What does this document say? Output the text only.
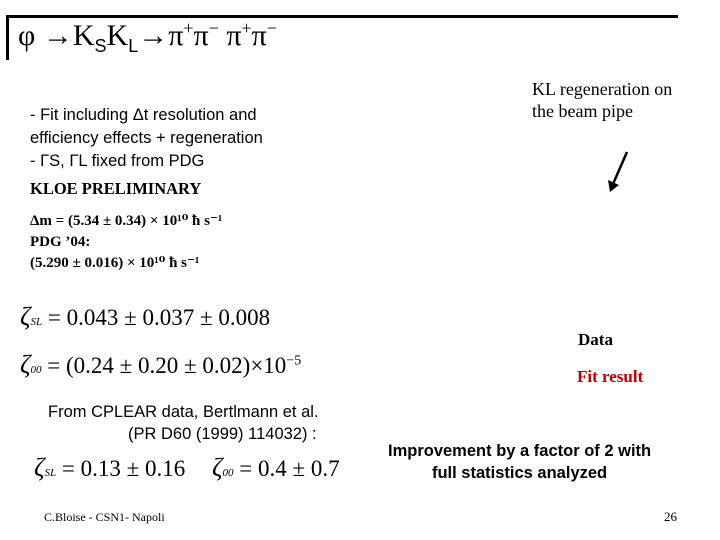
$\varphi \to K_SK_L\to\pi^+\pi^-$ π+π−
- Fit including Δt resolution and
efficiency effects + regeneration
- ΓS, ΓL fixed from PDG
KLOE PRELIMINARY
Δm = (5.34 ± 0.34) × 10¹⁰ ħ s⁻¹
PDG ’04:
(5.290 ± 0.016) × 10¹⁰ ħ s⁻¹
KL regeneration on
the beam pipe
ζSL = 0.043 ± 0.037 ± 0.008
$\zeta 00 = (0.24 \pm 0.20 \pm 0.02)\times 10^{-5}$
Data
Fit result
From CPLEAR data, Bertlmann et al.
(PR D60 (1999) 114032) :
ζSL = 0.13 ± 0.16 ζ00 = 0.4 ± 0.7
Improvement by a factor of 2 with
full statistics analyzed
C.Bloise - CSN1- Napoli	26
